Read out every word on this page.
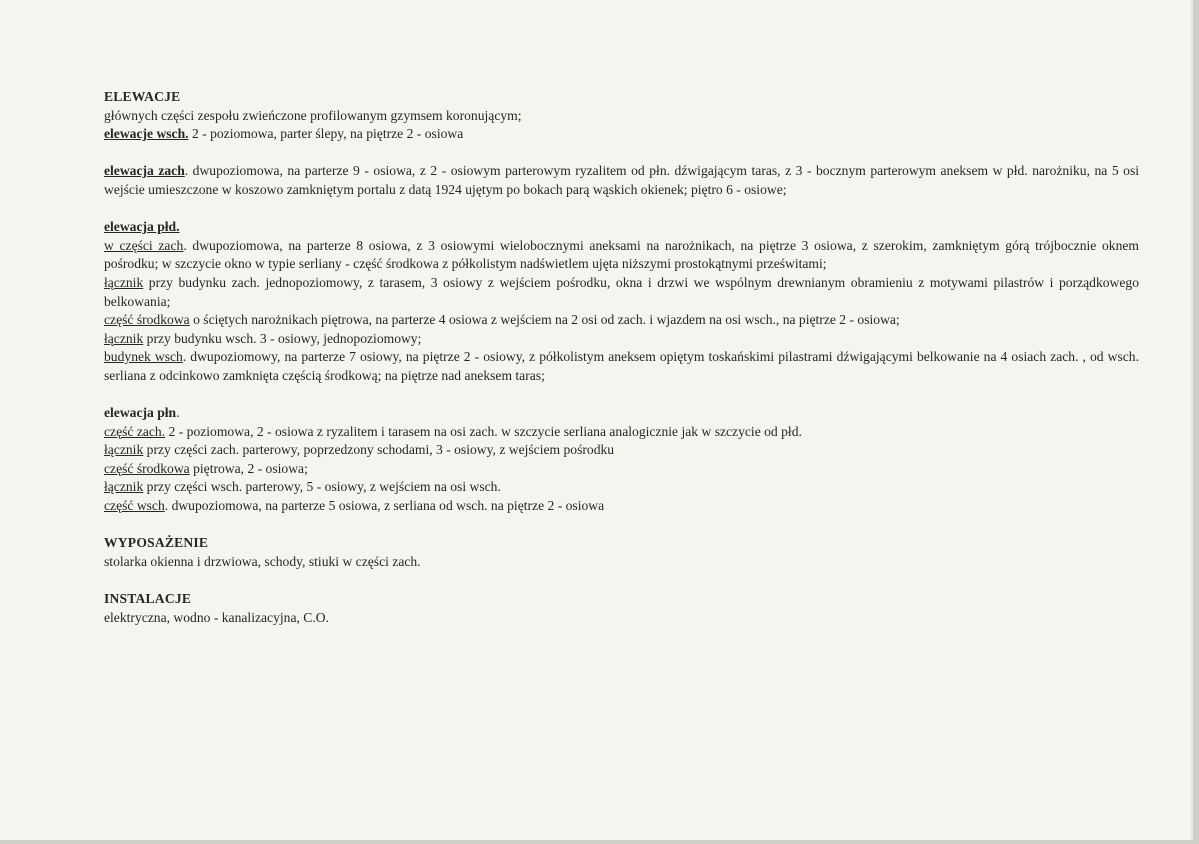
ELEWACJE

głównych części zespołu zwieńczone profilowanym gzymsem koronującym;

elewacje wsch. 2 - poziomowa, parter ślepy, na piętrze 2 - osiowa

elewacja zach. dwupoziomowa, na parterze 9 - osiowa, z 2 - osiowym parterowym ryzalitem od płn. dźwigającym taras, z 3 - bocznym parterowym aneksem w płd. narożniku, na 5 osi wejście umieszczone w koszowo zamkniętym portalu z datą 1924 ujętym po bokach parą wąskich okienek; piętro 6 - osiowe;

elewacja płd.

w części zach. dwupoziomowa, na parterze 8 osiowa, z 3 osiowymi wielobocznymi aneksami na narożnikach, na piętrze 3 osiowa, z szerokim, zamkniętym górą trójbocznie oknem pośrodku; w szczycie okno w typie serliany - część środkowa z półkolistym nadświetlem ujęta niższymi prostokątnymi prześwitami;

łącznik przy budynku zach. jednopoziomowy, z tarasem, 3 osiowy z wejściem pośrodku, okna i drzwi we wspólnym drewnianym obramieniu z motywami pilastrów i porządkowego belkowania;

część środkowa o ściętych narożnikach piętrowa, na parterze 4 osiowa z wejściem na 2 osi od zach. i wjazdem na osi wsch., na piętrze 2 - osiowa;

łącznik przy budynku wsch. 3 - osiowy, jednopoziomowy;

budynek wsch. dwupoziomowy, na parterze 7 osiowy, na piętrze 2 - osiowy, z półkolistym aneksem opiętym toskańskimi pilastrami dźwigającymi belkowanie na 4 osiach zach. , od wsch. serliana z odcinkowo zamknięta częścią środkową; na piętrze nad aneksem taras;

elewacja płn.

część zach. 2 - poziomowa, 2 - osiowa z ryzalitem i tarasem na osi zach. w szczycie serliana analogicznie jak w szczycie od płd.

łącznik przy części zach. parterowy, poprzedzony schodami, 3 - osiowy, z wejściem pośrodku

część środkowa piętrowa, 2 - osiowa;

łącznik przy części wsch. parterowy, 5 - osiowy, z wejściem na osi wsch.

część wsch. dwupoziomowa, na parterze 5 osiowa, z serliana od wsch. na piętrze 2 - osiowa

WYPOSAŻENIE

stolarka okienna i drzwiowa, schody, stiuki w części zach.

INSTALACJE

elektryczna, wodno - kanalizacyjna, C.O.
